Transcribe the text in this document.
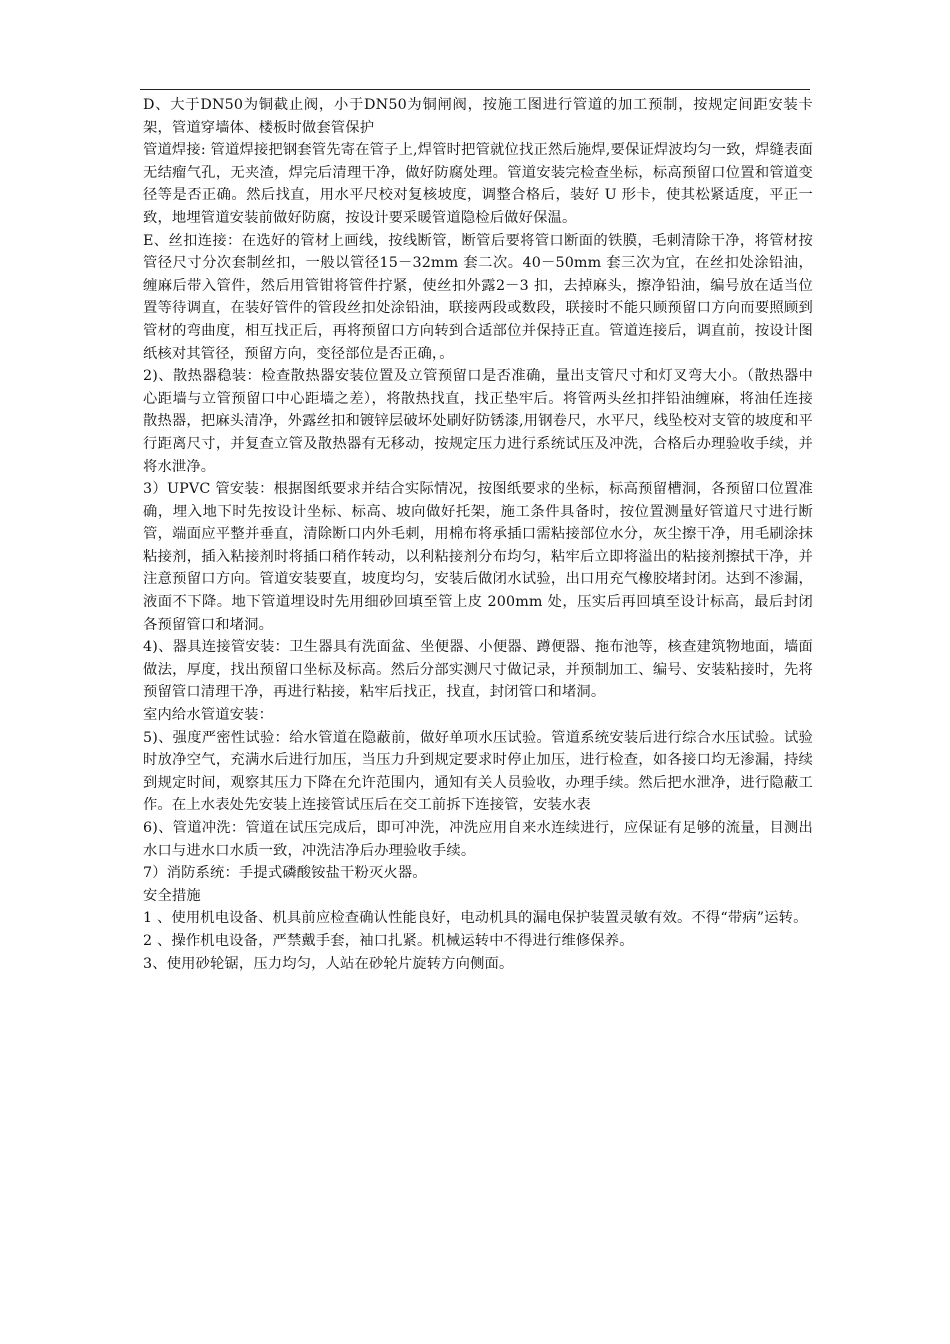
D、大于DN50为铜截止阀，小于DN50为铜闸阀，按施工图进行管道的加工预制，按规定间距安装卡架，管道穿墙体、楼板时做套管保护

管道焊接: 管道焊接把钢套管先寄在管子上,焊管时把管就位找正然后施焊,要保证焊波均匀一致，焊缝表面无结瘤气孔，无夹渣，焊完后清理干净，做好防腐处理。管道安装完检查坐标，标高预留口位置和管道变径等是否正确。然后找直，用水平尺校对复核坡度，调整合格后，装好 U 形卡，使其松紧适度，平正一致，地埋管道安装前做好防腐，按设计要采暖管道隐检后做好保温。

E、丝扣连接：在选好的管材上画线，按线断管，断管后要将管口断面的铁膜，毛刺清除干净，将管材按管径尺寸分次套制丝扣，一般以管径15－32mm 套二次。40－50mm 套三次为宜，在丝扣处涂铅油，缠麻后带入管件，然后用管钳将管件拧紧，使丝扣外露2－3 扣，去掉麻头，擦净铅油，编号放在适当位置等待调直，在装好管件的管段丝扣处涂铅油，联接两段或数段，联接时不能只顾预留口方向而要照顾到管材的弯曲度，相互找正后，再将预留口方向转到合适部位并保持正直。管道连接后，调直前，按设计图纸核对其管径，预留方向，变径部位是否正确，。

2)、散热器稳装：检查散热器安装位置及立管预留口是否准确，量出支管尺寸和灯叉弯大小。（散热器中心距墙与立管预留口中心距墙之差），将散热找直，找正垫牢后。将管两头丝扣拌铅油缠麻，将油任连接散热器，把麻头清净，外露丝扣和镀锌层破坏处刷好防锈漆,用钢卷尺，水平尺，线坠校对支管的坡度和平行距离尺寸，并复查立管及散热器有无移动，按规定压力进行系统试压及冲洗，合格后办理验收手续，并将水泄净。

3）UPVC 管安装：根据图纸要求并结合实际情况，按图纸要求的坐标，标高预留槽洞，各预留口位置准确，埋入地下时先按设计坐标、标高、坡向做好托架，施工条件具备时，按位置测量好管道尺寸进行断管，端面应平整并垂直，清除断口内外毛刺，用棉布将承插口需粘接部位水分，灰尘擦干净，用毛刷涂抹粘接剂，插入粘接剂时将插口稍作转动，以利粘接剂分布均匀，粘牢后立即将溢出的粘接剂擦拭干净，并注意预留口方向。管道安装要直，坡度均匀，安装后做闭水试验，出口用充气橡胶堵封闭。达到不渗漏，液面不下降。地下管道埋设时先用细砂回填至管上皮 200mm 处，压实后再回填至设计标高，最后封闭各预留管口和堵洞。

4)、器具连接管安装：卫生器具有洗面盆、坐便器、小便器、蹲便器、拖布池等，核查建筑物地面，墙面做法，厚度，找出预留口坐标及标高。然后分部实测尺寸做记录，并预制加工、编号、安装粘接时，先将预留管口清理干净，再进行粘接，粘牢后找正，找直，封闭管口和堵洞。

室内给水管道安装：

5)、强度严密性试验：给水管道在隐蔽前，做好单项水压试验。管道系统安装后进行综合水压试验。试验时放净空气，充满水后进行加压，当压力升到规定要求时停止加压，进行检查，如各接口均无渗漏，持续到规定时间，观察其压力下降在允许范围内，通知有关人员验收，办理手续。然后把水泄净，进行隐蔽工作。在上水表处先安装上连接管试压后在交工前拆下连接管，安装水表

6)、管道冲洗：管道在试压完成后，即可冲洗，冲洗应用自来水连续进行，应保证有足够的流量，目测出水口与进水口水质一致，冲洗洁净后办理验收手续。

7）消防系统：手提式磷酸铵盐干粉灭火器。

安全措施

1 、使用机电设备、机具前应检查确认性能良好，电动机具的漏电保护装置灵敏有效。不得“带病”运转。

2 、操作机电设备，严禁戴手套，袖口扎紧。机械运转中不得进行维修保养。

3、使用砂轮锯，压力均匀，人站在砂轮片旋转方向侧面。
